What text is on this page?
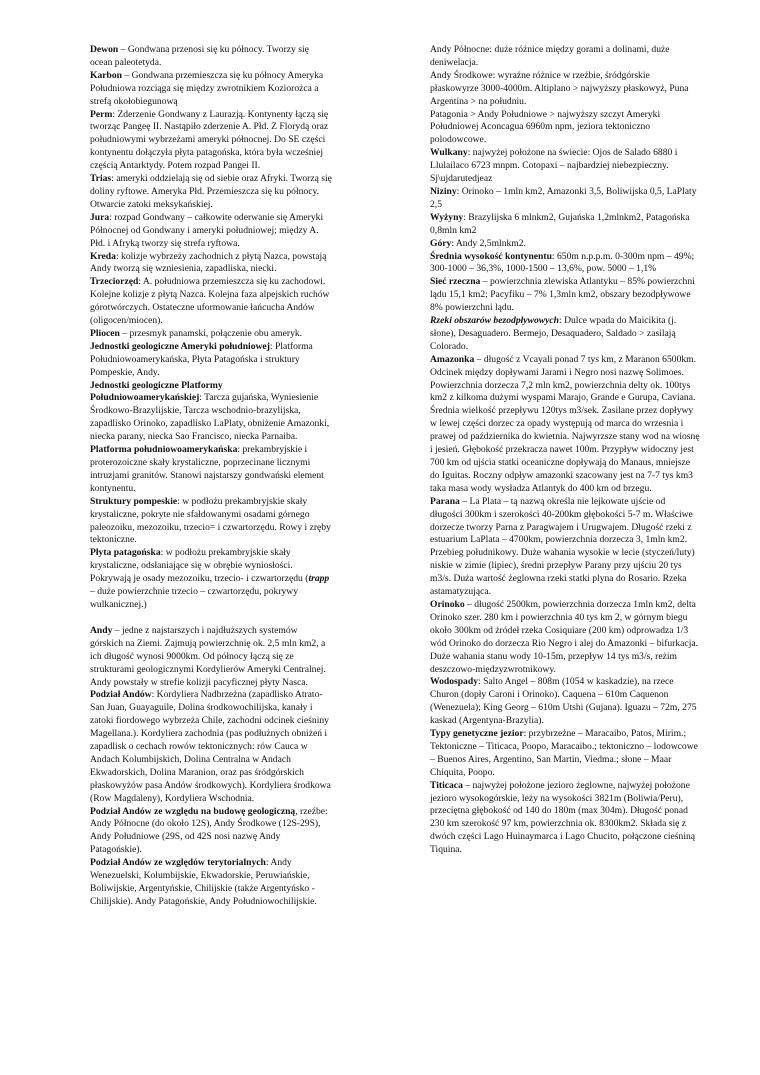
Dewon – Gondwana przenosi się ku północy. Tworzy się ocean paleotetyda.
Karbon – Gondwana przemieszcza się ku północy Ameryka Południowa rozciąga się między zwrotnikiem Koziorożca a strefą okołobiegunową
Perm: Zderzenie Gondwany z Laurazją. Kontynenty łączą się tworząc Pangeę II. Nastąpiło zderzenie A. Płd. Z Florydą oraz południowymi wybrzeżami ameryki północnej. Do SE części kontynentu dołączyła płyta patagońska, która była wcześniej częścią Antarktydy. Potem rozpad Pangei II.
Trias: ameryki oddzielają się od siebie oraz Afryki. Tworzą się doliny ryftowe. Ameryka Płd. Przemieszcza się ku północy. Otwarcie zatoki meksykańskiej.
Jura: rozpad Gondwany – całkowite oderwanie się Ameryki Północnej od Gondwany i ameryki południowej; między A. Płd. i Afryką tworzy się strefa ryftowa.
Kreda: kolizje wybrzeży zachodnich z płytą Nazca, powstają Andy tworzą się wzniesienia, zapadliska, niecki.
Trzeciorzęd: A. południowa przemieszcza się ku zachodowi. Kolejne kolizje z płytą Nazca. Kolejna faza alpejskich ruchów górotwórczych. Ostateczne uformowanie łańcucha Andów (oligocen/miocen).
Pliocen – przesmyk panamski, połączenie obu ameryk.
Jednostki geologiczne Ameryki południowej: Platforma Południowoamerykańska, Płyta Patagońska i struktury Pompeskie, Andy.
Jednostki geologiczne Platformy Południowoamerykańskiej: Tarcza gujańska, Wyniesienie Środkowo-Brazylijskie, Tarcza wschodnio-brazylijska, zapadlisko Orinoko, zapadlisko LaPlaty, obniżenie Amazonki, niecka parany, niecka Sao Francisco, niecka Parnaiba.
Platforma południowoamerykańska: prekambryjskie i proterozoiczne skały krystaliczne, poprzecinane licznymi intruzjami granitów. Stanowi najstarszy gondwański element kontynentu.
Struktury pompeskie: w podłożu prekambryjskie skały krystaliczne, pokryte nie sfałdowanymi osadami górnego paleozoiku, mezozoiku, trzecio= i czwartorzędu. Rowy i zręby tektoniczne.
Płyta patagońska: w podłożu prekambryjskie skały krystaliczne, odsłaniające się w obrębie wyniosłości. Pokrywają je osady mezozoiku, trzecio- i czwartorzędu (trapp – duże powierzchnie trzecio – czwartorzędu, pokrywy wulkanicznej.)
Andy – jedne z najstarszych i najdłuższych systemów górskich na Ziemi. Zajmują powierzchnię ok. 2,5 mln km2, a ich długość wynosi 9000km. Od północy łączą się ze strukturami geologicznymi Kordylierów Ameryki Centralnej. Andy powstały w strefie kolizji pacyficznej płyty Nasca.
Podział Andów: Kordyliera Nadbrzeżna (zapadlisko Atrato-San Juan, Guayaguile, Dolina środkowochilijska, kanały i zatoki fiordowego wybrzeża Chile, zachodni odcinek cieśniny Magellana.). Kordyliera zachodnia (pas podłużnych obniżeń i zapadlisk o cechach rowów tektonicznych: rów Cauca w Andach Kolumbijskich, Dolina Centralna w Andach Ekwadorskich, Dolina Maranion, oraz pas śródgórskich płaskowyżów pasa Andów środkowych). Kordyliera środkowa (Row Magdaleny), Kordyliera Wschodnia.
Podział Andów ze względu na budowę geologiczną, rzeźbe: Andy Północne (do około 12S), Andy Środkowe (12S-29S), Andy Południowe (29S, od 42S nosi nazwę Andy Patagońskie).
Podział Andów ze względów terytorialnych: Andy Wenezuelski, Kolumbijskie, Ekwadorskie, Peruwiańskie, Boliwijskie, Argentyńskie, Chilijskie (także Argentyńsko - Chilijskie). Andy Patagońskie, Andy Południowochilijskie.
Andy Północne: duże różnice między gorami a dolinami, duże deniwelacja.
Andy Środkowe: wyraźne różnice w rzeźbie, śródgórskie płaskowyrze 3000-4000m. Altiplano > najwyższy płaskowyż, Puna Argentina > na południu.
Patagonia > Andy Południowe > najwyższy szczyt Ameryki Południowej Aconcagua 6960m npm, jeziora tektoniczno polodowcowe.
Wulkany: najwyżej położone na świecie: Ojos de Salado 6880 i Llulailaco 6723 mnpm. Cotopaxi – najbardziej niebezpieczny.
Sj\ujdarutedjeaz
Niziny: Orinoko – 1mln km2, Amazonki 3,5, Boliwijska 0,5, LaPlaty 2,5
Wyżyny: Brazylijska 6 mlnkm2, Gujańska 1,2mlnkm2, Patagońska 0,8mln km2
Góry: Andy 2,5mlnkm2.
Średnia wysokość kontynentu: 650m n.p.p.m. 0-300m npm – 49%; 300-1000 – 36,3%, 1000-1500 – 13,6%, pow. 5000 – 1,1%
Sieć rzeczna – powierzchnia zlewiska Atlantyku – 85% powierzchni lądu 15,1 km2; Pacyfiku – 7% 1,3mln km2, obszary bezodpływowe 8% powierzchni lądu.
Rzeki obszarów bezodpływowych: Dulce wpada do Maicikita (j. słone), Desaguadero. Bermejo, Desaquadero, Saldado > zasilają Colorado.
Amazonka – długość z Vcayali ponad 7 tys km, z Maranon 6500km. Odcinek między dopływami Jarami i Negro nosi nazwę Solimoes. Powierzchnia dorzecza 7,2 mln km2, powierzchnia delty ok. 100tys km2 z kilkoma dużymi wyspami Marajo, Grande e Gurupa, Caviana. Średnia wielkość przepływu 120tys m3/sek. Zasilane przez dopływy w lewej części dorzec za opady występują od marca do wrzesnia i prawej od października do kwietnia. Najwyrzsze stany wod na wiosnę i jesień. Głębokość przekracza nawet 100m. Przypływ widoczny jest 700 km od ujścia statki oceaniczne dopływają do Manaus, mniejsze do Iguitas. Roczny odpływ amazonki szacowany jest na 7-7 tys km3 taka masa wody wysładza Atlantyk do 400 km od brzegu.
Parana – La Plata – tą nazwą określa nie lejkowate ujście od długości 300km i szerokości 40-200km głębokości 5-7 m. Właściwe dorzecze tworzy Parna z Paragwajem i Urugwajem. Długość rzeki z estuarium LaPlata – 4700km, powierzchnia dorzecza 3, 1mln km2. Przebieg południkowy. Duże wahania wysokie w lecie (styczeń/luty) niskie w zimie (lipiec), średni przepływ Parany przy ujściu 20 tys m3/s. Duża wartość żeglowna rzeki statki plyna do Rosario. Rzeka astamatyzująca.
Orinoko – długość 2500km, powierzchnia dorzecza 1mln km2, delta Orinoko szer. 280 km i powierzchnia 40 tys km 2, w górnym biegu około 300km od źródeł rzeka Cosiquiare (200 km) odprowadza 1/3 wód Orinoko do dorzecza Rio Negro i alej do Amazonki – bifurkacja. Duże wahania stanu wody 10-15m, przepływ 14 tys m3/s, reżim deszczowo-międzyzwrotnikowy.
Wodospady: Salto Angel – 808m (1054 w kaskadzie), na rzece Churon (dopły Caroni i Orinoko). Caquena – 610m Caquenon (Wenezuela); King Georg – 610m Utshi (Gujana). Iguazu – 72m, 275 kaskad (Argentyna-Brazylia).
Typy genetyczne jezior: przybrzeżne – Maracaibo, Patos, Mirim.; Tektoniczne – Titicaca, Poopo, Maracaibo.; tektoniczno – lodowcowe – Buenos Aires, Argentino, San Martin, Viedma.; słone – Maar Chiquita, Poopo.
Titicaca – najwyżej położone jezioro żeglowne, najwyżej położone jezioro wysokogórskie, leży na wysokości 3821m (Boliwia/Peru), przeciętna głębokość od 140 do 180m (max 304m). Długość ponad 230 km szerokość 97 km, powierzchnia ok. 8300km2. Składa się z dwóch części Lago Huinaymarca i Lago Chucito, połączone cieśniną Tiquina.
